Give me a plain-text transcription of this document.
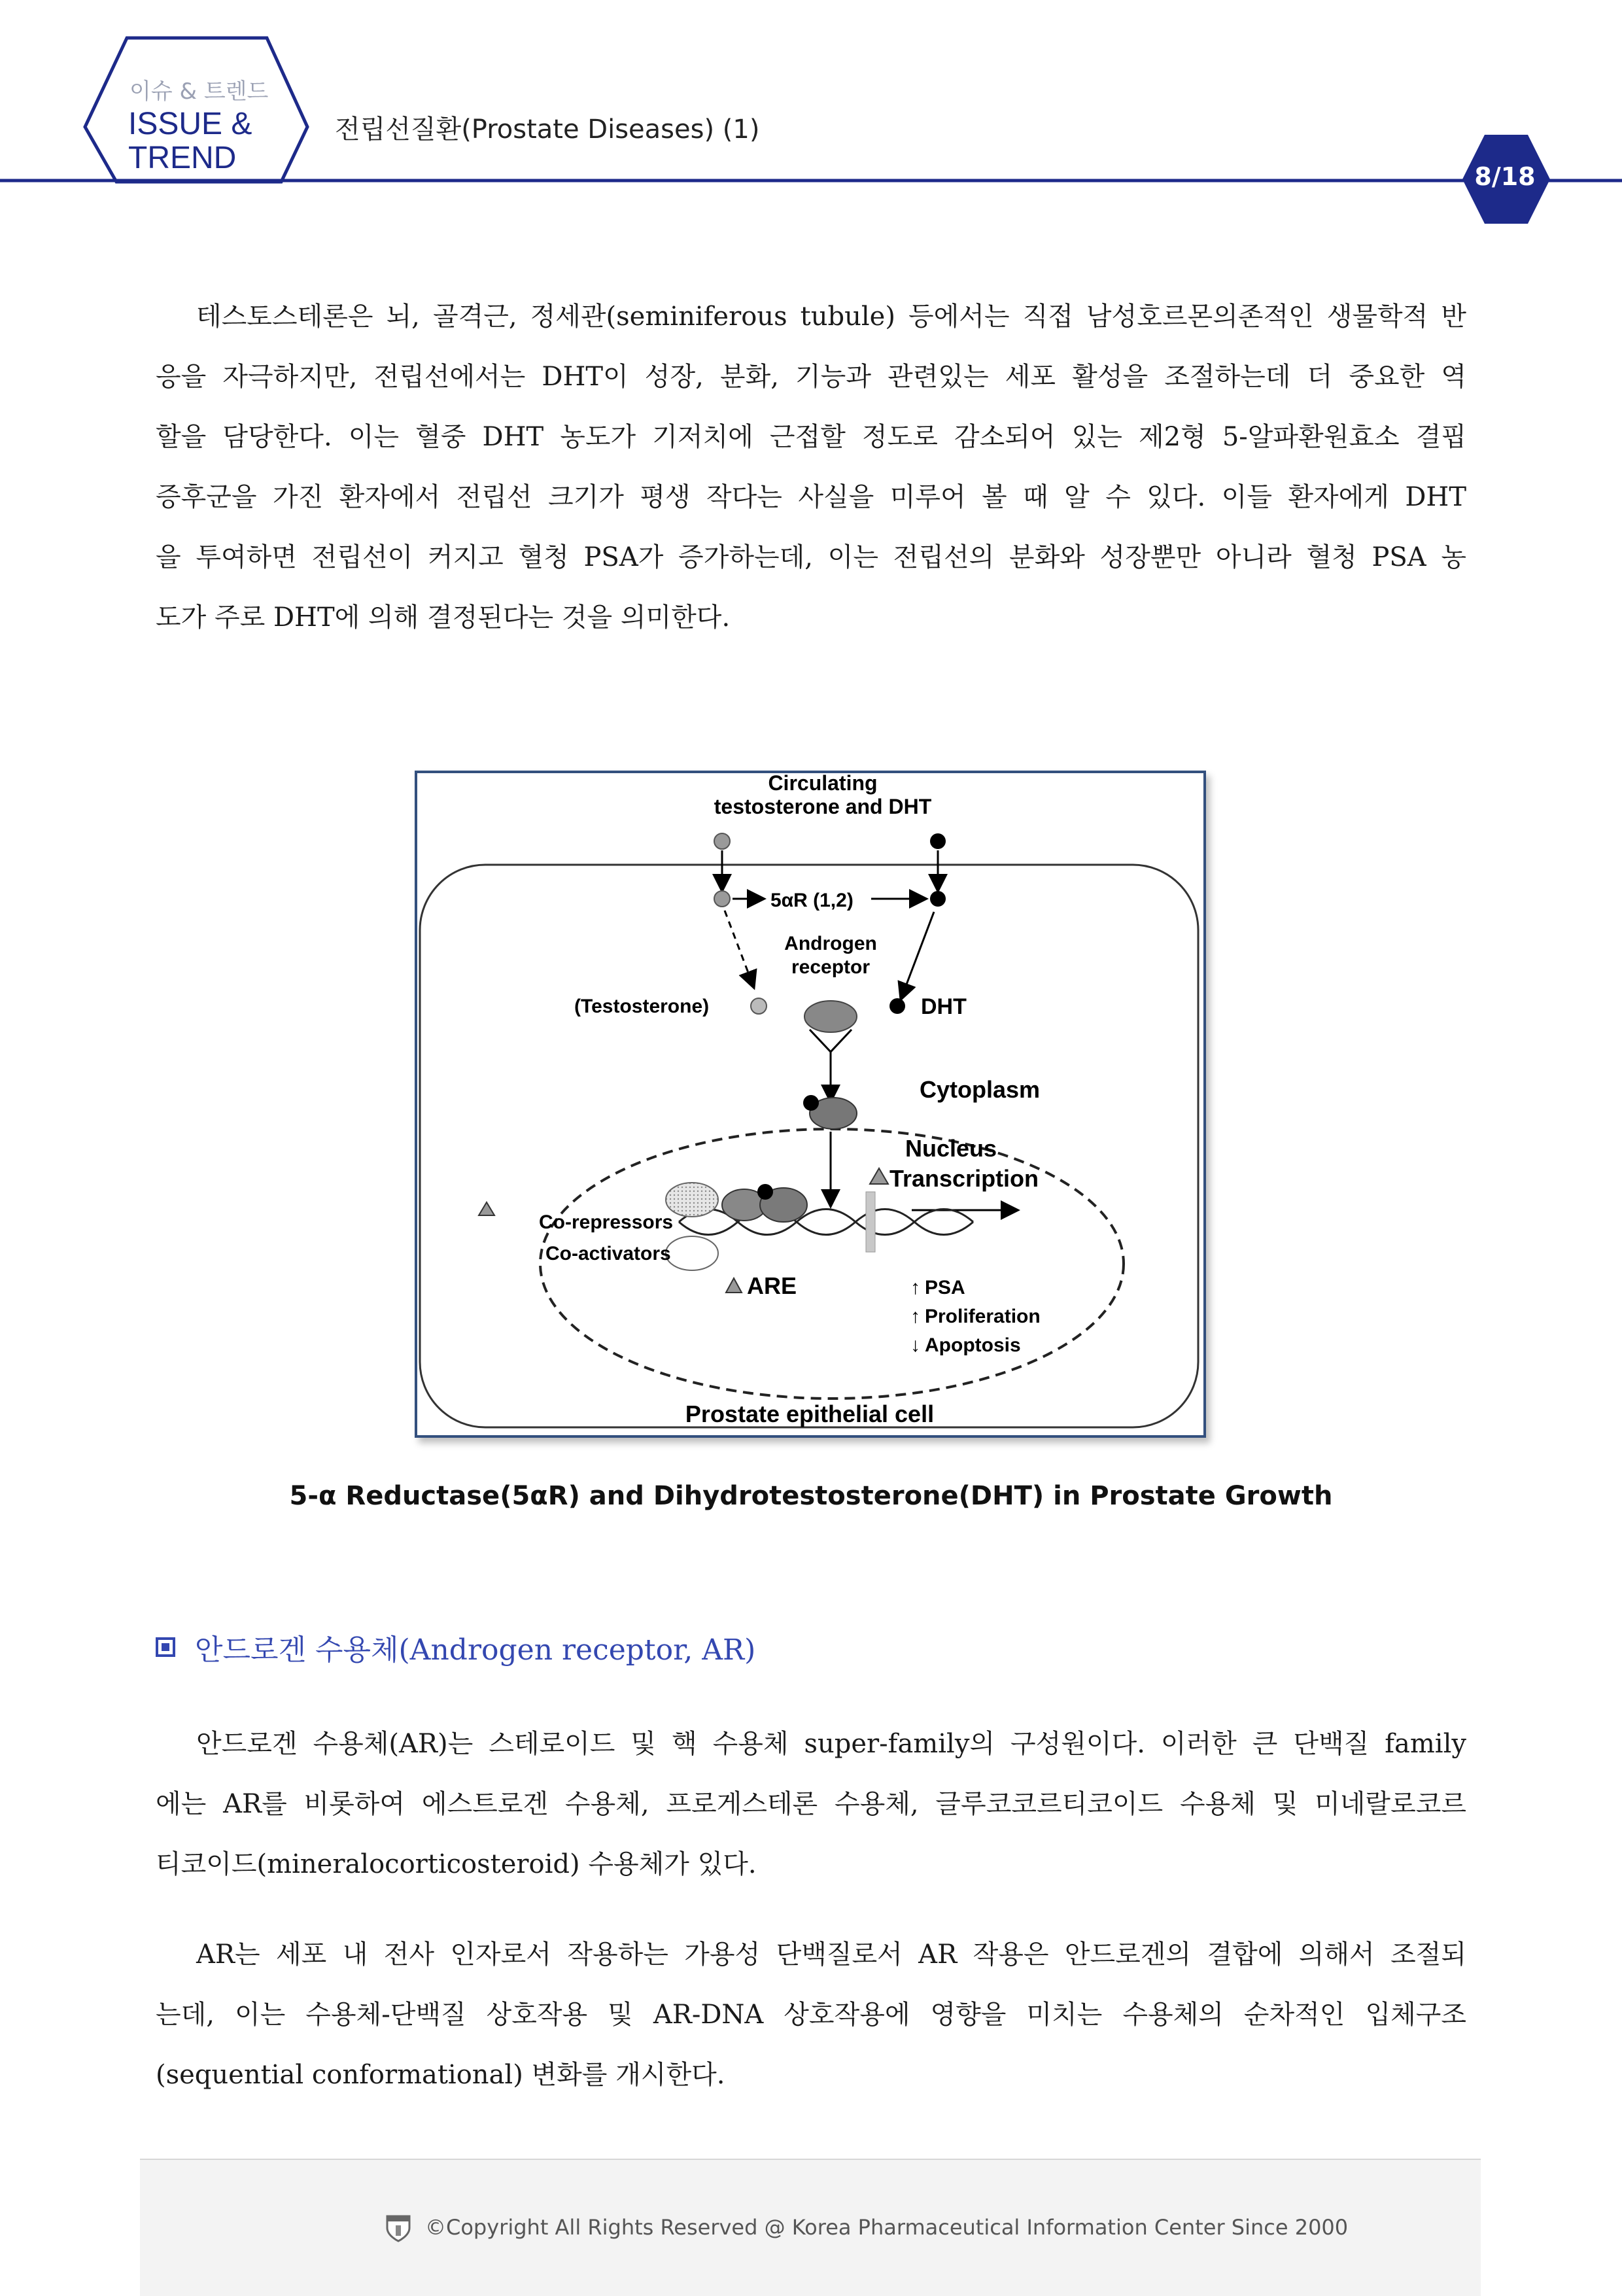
이슈 & 트렌드
ISSUE &
TREND
전립선질환(Prostate Diseases) (1)
8/18
테스토스테론은 뇌, 골격근, 정세관(seminiferous tubule) 등에서는 직접 남성호르몬의존적인 생물학적 반
응을 자극하지만, 전립선에서는 DHT이 성장, 분화, 기능과 관련있는 세포 활성을 조절하는데 더 중요한 역
할을 담당한다. 이는 혈중 DHT 농도가 기저치에 근접할 정도로 감소되어 있는 제2형 5-알파환원효소 결핍
증후군을 가진 환자에서 전립선 크기가 평생 작다는 사실을 미루어 볼 때 알 수 있다. 이들 환자에게 DHT
을 투여하면 전립선이 커지고 혈청 PSA가 증가하는데, 이는 전립선의 분화와 성장뿐만 아니라 혈청 PSA 농
도가 주로 DHT에 의해 결정된다는 것을 의미한다.
Circulating
testosterone and DHT
5αR (1,2)
Androgen
receptor
(Testosterone)	DHT
Cytoplasm
Nucleus
Transcription
Co-repressors
Co-activators
ARE	↑ PSA
↑ Proliferation
↓ Apoptosis
Prostate epithelial cell
5-α Reductase(5αR) and Dihydrotestosterone(DHT) in Prostate Growth
안드로겐 수용체(Androgen receptor, AR)
안드로겐 수용체(AR)는 스테로이드 및 핵 수용체 super-family의 구성원이다. 이러한 큰 단백질 family
에는 AR를 비롯하여 에스트로겐 수용체, 프로게스테론 수용체, 글루코코르티코이드 수용체 및 미네랄로코르
티코이드(mineralocorticosteroid) 수용체가 있다.
AR는 세포 내 전사 인자로서 작용하는 가용성 단백질로서 AR 작용은 안드로겐의 결합에 의해서 조절되
는데, 이는 수용체-단백질 상호작용 및 AR-DNA 상호작용에 영향을 미치는 수용체의 순차적인 입체구조
(sequential conformational) 변화를 개시한다.
©Copyright All Rights Reserved @ Korea Pharmaceutical Information Center Since 2000
